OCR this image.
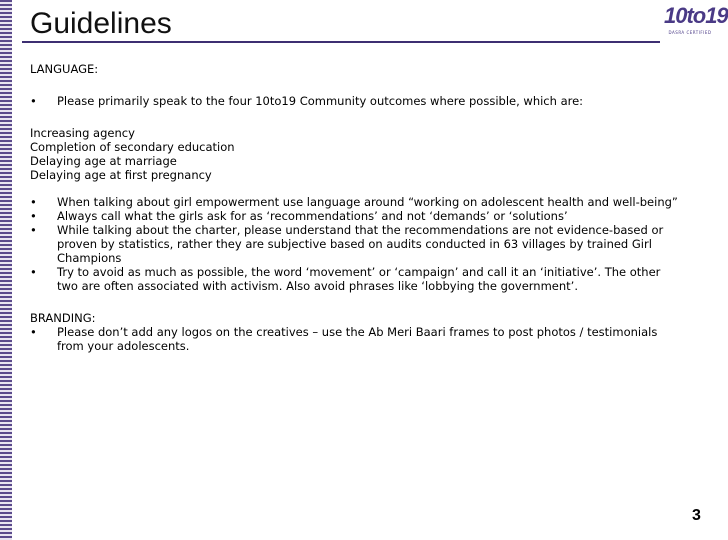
Guidelines	10to19
DASRA CERTIFIED

LANGUAGE:

• Please primarily speak to the four 10to19 Community outcomes where possible, which are:

Increasing agency

Completion of secondary education

Delaying age at marriage

Delaying age at first pregnancy

• When talking about girl empowerment use language around “working on adolescent health and well-being”
• Always call what the girls ask for as ‘recommendations’ and not ‘demands’ or ‘solutions’
• While talking about the charter, please understand that the recommendations are not evidence-based or proven by statistics, rather they are subjective based on audits conducted in 63 villages by trained Girl Champions
• Try to avoid as much as possible, the word ‘movement’ or ‘campaign’ and call it an ‘initiative’. The other two are often associated with activism. Also avoid phrases like ‘lobbying the government’.

BRANDING:

• Please don’t add any logos on the creatives – use the Ab Meri Baari frames to post photos / testimonials from your adolescents.
3
